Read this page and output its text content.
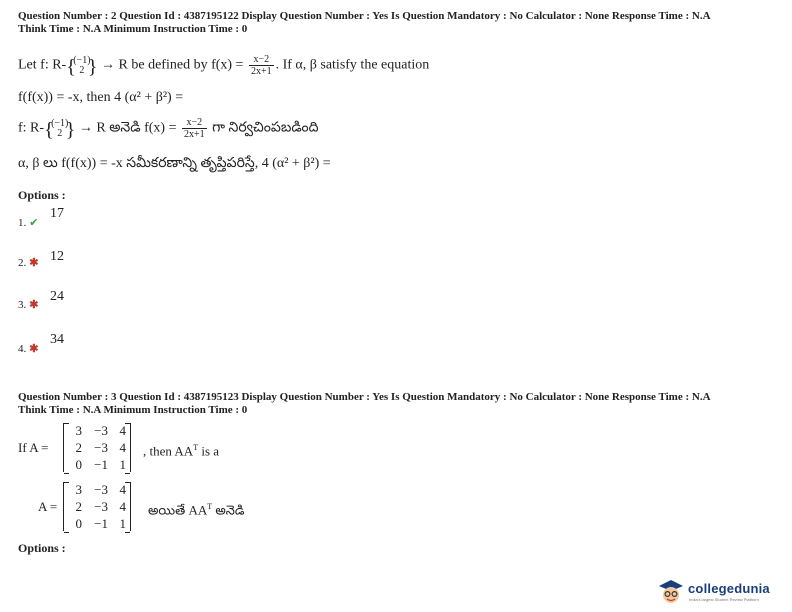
Question Number : 2 Question Id : 4387195122 Display Question Number : Yes Is Question Mandatory : No Calculator : None Response Time : N.A
Think Time : N.A Minimum Instruction Time : 0
Let f: R- { (−1)
2
} → R be defined by $f(x) = \frac{x-2}{2x+1}$ . If α, β satisfy the equation
f(f(x)) = -x, then 4 (α² + β²) =
f: R- { (−1)
2
} → R అనెడి $f(x) = \frac{x-2}{2x+1}$ గా నిర్వచింపబడింది
α, β లు f(f(x)) = -x సమీకరణాన్ని తృప్తిపరిస్తే, 4 (α² + β²) =
Options :
1. ✔
17
2. ✱ 12
3. ✱
24
4. ✱
34
Question Number : 3 Question Id : 4387195123 Display Question Number : Yes Is Question Mandatory : No Calculator : None Response Time : N.A
Think Time : N.A Minimum Instruction Time : 0
If A =
3 −3 4
2 −3 4
0 −1 1
, then $AA^T$ is a
A =
3 −3 4
2 −3 4
0 −1 1
అయితే $AA^T$ అనెడి
Options :
collegedunia
India's largest Student Review Platform
